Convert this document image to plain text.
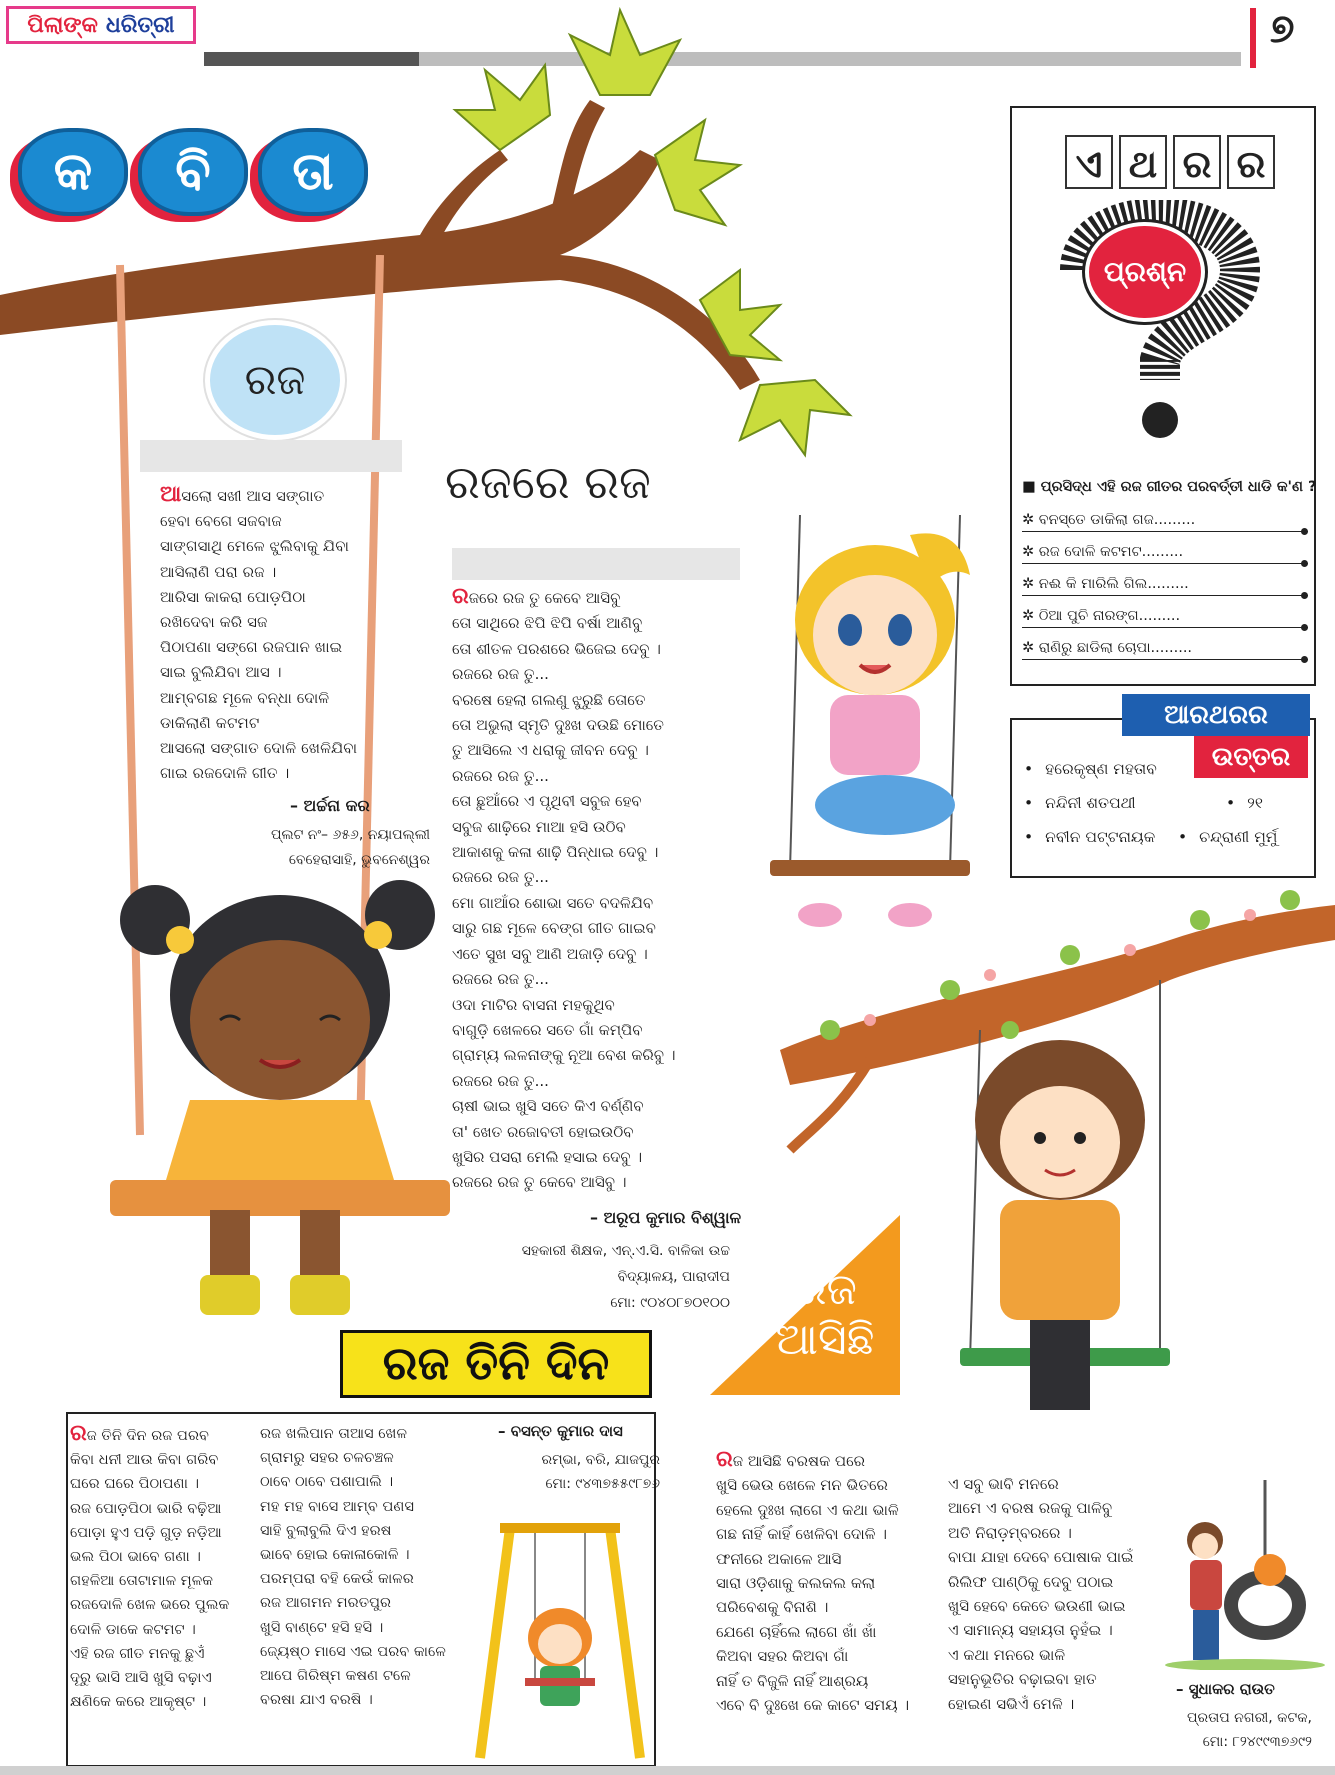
ପିଲାଙ୍କ ଧରିତ୍ରୀ	୭
କ	ବି	ତା
ରଜ
ଆସଲୋ ସଖୀ ଆସ ସଙ୍ଗାତ
ହେବା ବେଗେ ସଜବାଜ
ସାଙ୍ଗସାଥି ମେଳେ ଝୁଲିବାକୁ ଯିବା
ଆସିଲାଣି ପରା ରଜ ।
ଆରିସା କାକରା ପୋଡ଼ପିଠା
ରଖିଦେବା କରି ସଜ
ପିଠାପଣା ସଙ୍ଗେ ରଜପାନ ଖାଇ
ସାଇ ବୁଲିଯିବା ଆସ ।
ଆମ୍ବଗଛ ମୂଳେ ବନ୍ଧା ଦୋଳି
ଡାକିଲାଣି କଟମଟ
ଆସଲୋ ସଙ୍ଗାତ ଦୋଳି ଖେଳିଯିବା
ଗାଇ ରଜଦୋଳି ଗୀତ ।
– ଅର୍ଚ୍ଚନା କର
ପ୍ଲଟ ନଂ– ୬୫୬, ନୟାପଲ୍ଲୀ
ବେହେରାସାହି, ଭୁବନେଶ୍ୱର
ରଜରେ ରଜ
ରଜରେ ରଜ ତୁ କେବେ ଆସିବୁ
ତୋ ସାଥିରେ ଝିପି ଝିପି ବର୍ଷା ଆଣିବୁ
ତୋ ଶୀତଳ ପରଶରେ ଭିଜେଇ ଦେବୁ ।
ରଜରେ ରଜ ତୁ...
ବରଷେ ହେଲା ଗଲଣୁ ଝୁରୁଛି ତୋତେ
ତୋ ଅଭୁଲା ସ୍ମୃତି ଦୁଃଖ ଦଉଛି ମୋତେ
ତୁ ଆସିଲେ ଏ ଧରାକୁ ଜୀବନ ଦେବୁ ।
ରଜରେ ରଜ ତୁ...
ତୋ ଛୁଆଁରେ ଏ ପୃଥିବୀ ସବୁଜ ହେବ
ସବୁଜ ଶାଢ଼ିରେ ମାଆ ହସି ଉଠିବ
ଆକାଶକୁ କଳା ଶାଢ଼ି ପିନ୍ଧାଇ ଦେବୁ ।
ରଜରେ ରଜ ତୁ...
ମୋ ଗାଆଁର ଶୋଭା ସତେ ବଦଳିଯିବ
ସାରୁ ଗଛ ମୂଳେ ବେଙ୍ଗ ଗୀତ ଗାଇବ
ଏତେ ସୁଖ ସବୁ ଆଣି ଅଜାଡ଼ି ଦେବୁ ।
ରଜରେ ରଜ ତୁ...
ଓଦା ମାଟିର ବାସନା ମହକୁଥିବ
ବାଗୁଡ଼ି ଖେଳରେ ସତେ ଗାଁ କମ୍ପିବ
ଗ୍ରାମ୍ୟ ଲଳନାଙ୍କୁ ନୂଆ ବେଶ କରିବୁ ।
ରଜରେ ରଜ ତୁ...
ଚାଷୀ ଭାଇ ଖୁସି ସତେ କିଏ ବର୍ଣ୍ଣିବ
ତା' ଖେତ ରଜୋବତୀ ହୋଇଉଠିବ
ଖୁସିର ପସରା ମେଲି ହସାଇ ଦେବୁ ।
ରଜରେ ରଜ ତୁ କେବେ ଆସିବୁ ।
– ଅରୂପ କୁମାର ବିଶ୍ୱାଳ
ସହକାରୀ ଶିକ୍ଷକ, ଏନ୍‌.ଏ.ସି. ବାଳିକା ଉଚ୍ଚ
ବିଦ୍ୟାଳୟ, ପାରାଦୀପ
ମୋ: ୯୦୪୦୮୭୦୧୦୦
ଏ ଥ ର ର
ପ୍ରଶ୍ନ
■ ପ୍ରସିଦ୍ଧ ଏହି ରଜ ଗୀତର ପରବର୍ତ୍ତୀ ଧାଡି କ'ଣ ?
✲ ବନସ୍ତେ ଡାକିଲା ଗଜ.........
✲ ରଜ ଦୋଳି କଟମଟ.........
✲ ନଈ କି ମାରିଲି ଗିଲ.........
✲ ଠିଆ ପୁଚି ନାରଙ୍ଗ.........
✲ ରାଣିରୁ ଛାଡିଲା ଚୋପା.........
ଆରଥରର
ଉତ୍ତର
• ହରେକୃଷ୍ଣ ମହତାବ
• ନନ୍ଦିନୀ ଶତପଥୀ	• ୨୧
• ନବୀନ ପଟ୍ଟନାୟକ	• ଚନ୍ଦ୍ରାଣୀ ମୁର୍ମୁ
ରଜ ତିନି ଦିନ
ରଜ ତିନି ଦିନ ରଜ ପରବ
କିବା ଧନୀ ଆଉ କିବା ଗରିବ
ଘରେ ଘରେ ପିଠାପଣା ।
ରଜ ପୋଡ଼ପିଠା ଭାରି ବଢ଼ିଆ
ପୋଡ଼ା ହୁଏ ପଡ଼ି ଗୁଡ଼ ନଡ଼ିଆ
ଭଲ ପିଠା ଭାବେ ଗଣା ।
ଗହଳିଆ ତୋଟାମାଳ ମୂଳକ
ରଜଦୋଳି ଖେଳ ଭରେ ପୁଲକ
ଦୋଳି ଡାକେ କଟମଟ ।
ଏହି ରଜ ଗୀତ ମନକୁ ଛୁଏଁ
ଦୂରୁ ଭାସି ଆସି ଖୁସି ବଢ଼ାଏ
କ୍ଷଣିକେ କରେ ଆକୃଷ୍ଟ ।
ରଜ ଖଲିପାନ ତାଆସ ଖେଳ
ଗ୍ରାମରୁ ସହର ଚଳଚଞ୍ଚଳ
ଠାବେ ଠାବେ ପଶାପାଲି ।
ମହ ମହ ବାସେ ଆମ୍ବ ପଣସ
ସାହି ବୁଲାବୁଲି ଦିଏ ହରଷ
ଭାବେ ହୋଇ କୋଳାକୋଳି ।
ପରମ୍ପରା ବହି କେଉଁ କାଳର
ରଜ ଆଗମନ ମରତପୁର
ଖୁସି ବାଣ୍ଟେ ହସି ହସି ।
ଜ୍ୟେଷ୍ଠ ମାସେ ଏଇ ପରବ କାଳେ
ଆପେ ଗିରିଷ୍ମ କଷଣ ଟଳେ
ବରଷା ଯାଏ ବରଷି ।
– ବସନ୍ତ କୁମାର ଦାସ
ରମ୍ଭା, ବରି, ଯାଜପୁର
ମୋ: ୯୪୩୭୫୫୯୮୭୬
ରଜ
ଆସିଛି
ରଜ ଆସିଛି ବରଷକ ପରେ
ଖୁସି ଭେଉ ଖେଳେ ମନ ଭିତରେ
ହେଲେ ଦୁଃଖ ଲାଗେ ଏ କଥା ଭାଳି
ଗଛ ନାହିଁ କାହିଁ ଖେଳିବା ଦୋଳି ।
ଫନୀରେ ଅକାଳେ ଆସି
ସାରା ଓଡ଼ିଶାକୁ କଲକଲ କଲା
ପରିବେଶକୁ ବିନାଶି ।
ଯେଣେ ଚାହିଁଲେ ଲାଗେ ଖାଁ ଖାଁ
କିଅବା ସହର କିଅବା ଗାଁ
ନାହିଁ ତ ବିଜୁଳି ନାହିଁ ଆଶ୍ରୟ
ଏବେ ବି ଦୁଃଖେ କେ କାଟେ ସମୟ ।
ଏ ସବୁ ଭାବି ମନରେ
ଆମେ ଏ ବରଷ ରଜକୁ ପାଳିବୁ
ଅତି ନିରାଡ଼ମ୍ବରରେ ।
ବାପା ଯାହା ଦେବେ ପୋଷାକ ପାଇଁ
ରିଲିଫ ପାଣ୍ଠିକୁ ଦେବୁ ପଠାଇ
ଖୁସି ହେବେ କେତେ ଭଉଣୀ ଭାଇ
ଏ ସାମାନ୍ୟ ସହାୟତା ନୁହଁଇ ।
ଏ କଥା ମନରେ ଭାଳି
ସହାନୁଭୂତିର ବଢ଼ାଇବା ହାତ
ହୋଇଣ ସଭିଏଁ ମେଳି ।
– ସୁଧାକର ରାଉତ
ପ୍ରତାପ ନଗରୀ, କଟକ,
ମୋ: ୮୨୪୯୯୩୭୬୯୨
